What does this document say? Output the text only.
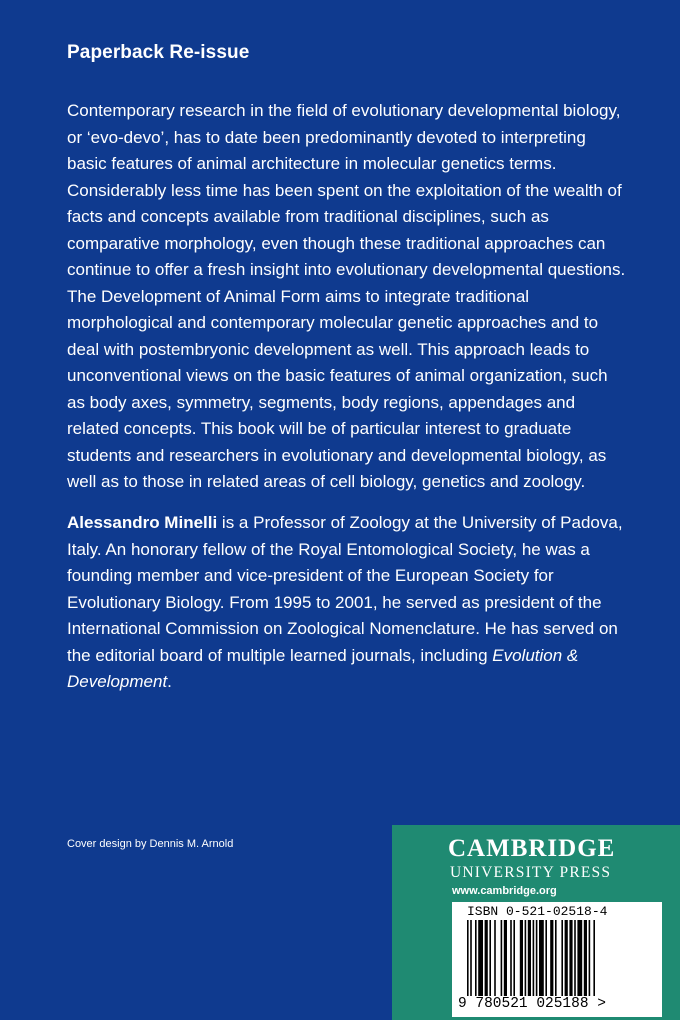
Paperback Re-issue

Contemporary research in the field of evolutionary developmental biology, or ‘evo-devo’, has to date been predominantly devoted to interpreting basic features of animal architecture in molecular genetics terms. Considerably less time has been spent on the exploitation of the wealth of facts and concepts available from traditional disciplines, such as comparative morphology, even though these traditional approaches can continue to offer a fresh insight into evolutionary developmental questions. The Development of Animal Form aims to integrate traditional morphological and contemporary molecular genetic approaches and to deal with postembryonic development as well. This approach leads to unconventional views on the basic features of animal organization, such as body axes, symmetry, segments, body regions, appendages and related concepts. This book will be of particular interest to graduate students and researchers in evolutionary and developmental biology, as well as to those in related areas of cell biology, genetics and zoology.

Alessandro Minelli is a Professor of Zoology at the University of Padova, Italy. An honorary fellow of the Royal Entomological Society, he was a founding member and vice-president of the European Society for Evolutionary Biology. From 1995 to 2001, he served as president of the International Commission on Zoological Nomenclature. He has served on the editorial board of multiple learned journals, including Evolution & Development.

Cover design by Dennis M. Arnold	CAMBRIDGE
UNIVERSITY PRESS
www.cambridge.org
ISBN 0-521-02518-4
9 780521 025188 >
